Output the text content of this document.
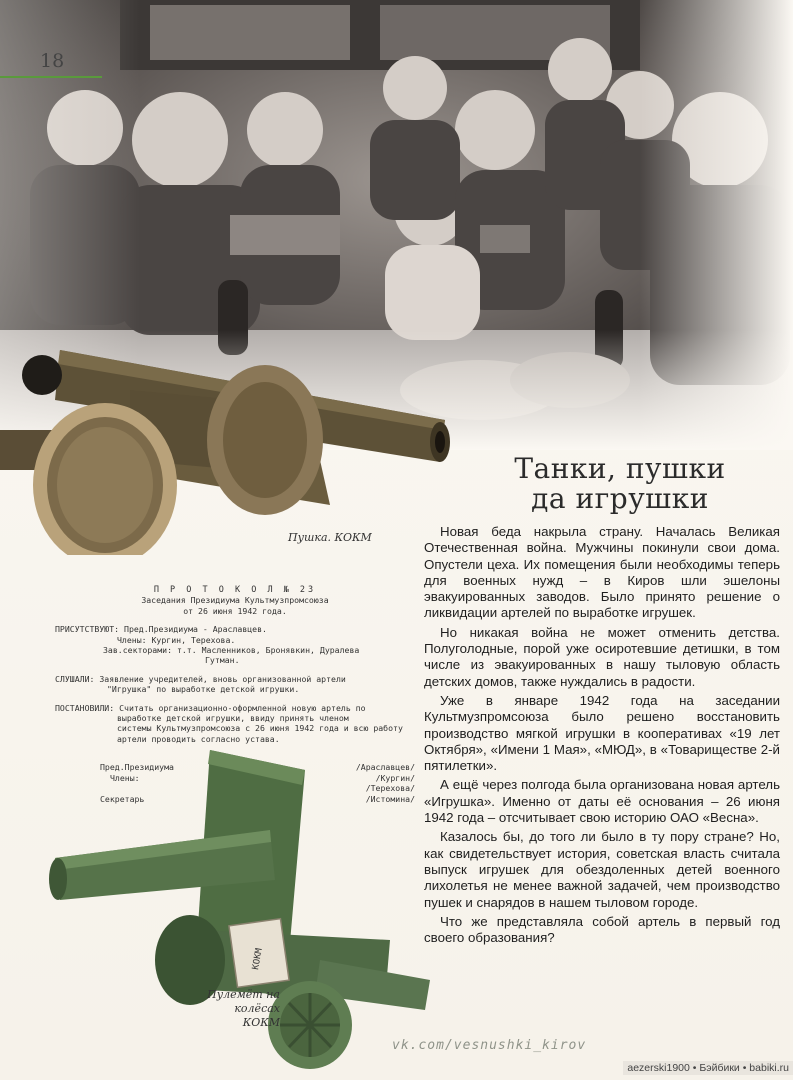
18
Пушка. КОКМ
Танки, пушки
да игрушки

Новая беда накрыла страну. Началась Великая Отечественная война. Мужчины покинули свои дома. Опустели цеха. Их помещения были необходимы теперь для военных нужд – в Киров шли эшелоны эвакуированных заводов. Было принято решение о ликвидации артелей по выработке игрушек.

Но никакая война не может отменить детства. Полуголодные, порой уже осиротевшие детишки, в том числе из эвакуированных в нашу тыловую область детских домов, также нуждались в радости.

Уже в январе 1942 года на заседании Культмузпромсоюза было решено восстановить производство мягкой игрушки в кооперативах «19 лет Октября», «Имени 1 Мая», «МЮД», в «Товариществе 2-й пятилетки».

А ещё через полгода была организована новая артель «Игрушка». Именно от даты её основания – 26 июня 1942 года – отсчитывает свою историю ОАО «Весна».

Казалось бы, до того ли было в ту пору стране? Но, как свидетельствует история, советская власть считала выпуск игрушек для обездоленных детей военного лихолетья не менее важной задачей, чем производство пушек и снарядов в нашем тыловом городе.

Что же представляла собой артель в первый год своего образования?

П Р О Т О К О Л № 23
Заседания Президиума Культмузпромсоюза
от 26 июня 1942 года.
ПРИСУТСТВУЮТ: Пред.Президиума - Араславцев.
Члены: Кургин, Терехова.
Зав.секторами: т.т. Масленников, Бронявкин, Дуралева
Гутман.
СЛУШАЛИ: Заявление учредителей, вновь организованной артели
"Игрушка" по выработке детской игрушки.
ПОСТАНОВИЛИ: Считать организационно-оформленной новую артель по
выработке детской игрушки, ввиду принять членом
системы Культмузпромсоюза с 26 июня 1942 года и всю работу
артели проводить согласно устава.
Пред.Президиума	/Араславцев/
Члены:	/Кургин/
/Терехова/
Секретарь	/Истомина/
КОКМ
Пулемёт на колёсах
КОКМ
vk.com/vesnushki_kirov
aezerski1900 • Бэйбики • babiki.ru
